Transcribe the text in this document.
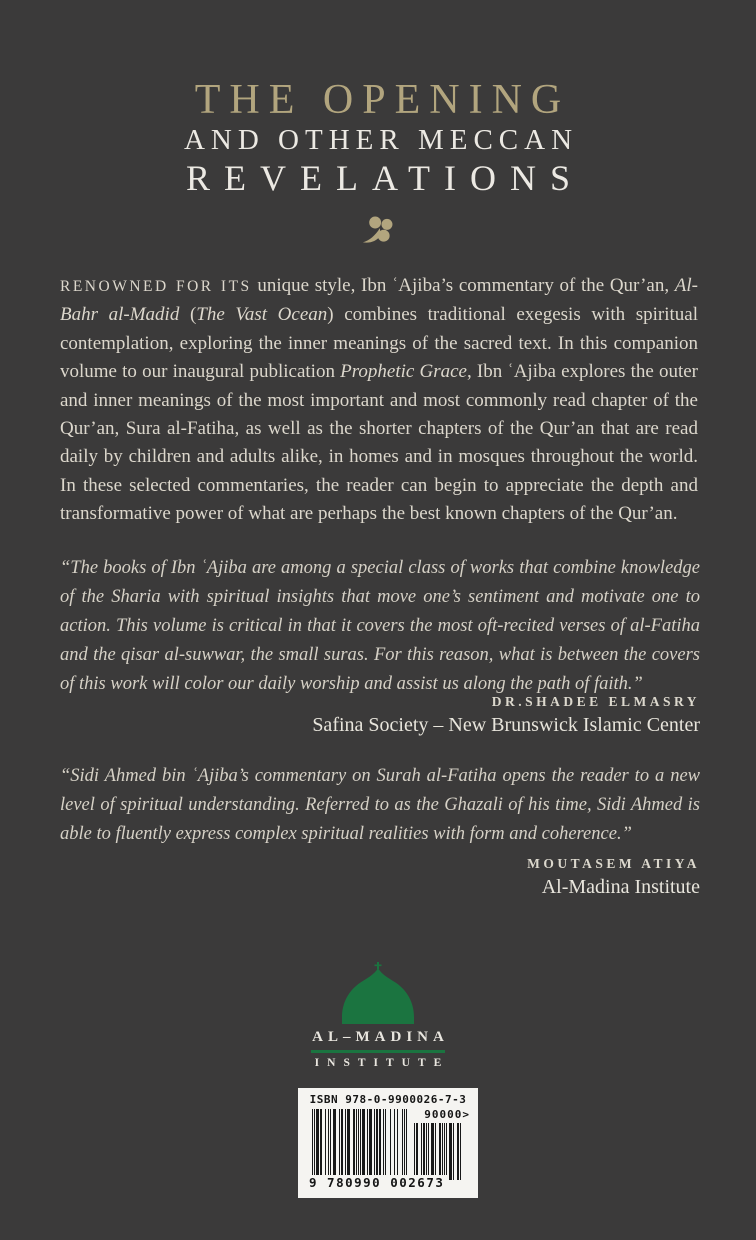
THE OPENING
AND OTHER MECCAN
REVELATIONS

RENOWNED FOR ITS unique style, Ibn ʿAjiba’s commentary of the Qur’an, Al-Bahr al-Madid (The Vast Ocean) combines traditional exegesis with spiritual contemplation, exploring the inner meanings of the sacred text. In this companion volume to our inaugural publication Prophetic Grace, Ibn ʿAjiba explores the outer and inner meanings of the most important and most commonly read chapter of the Qur’an, Sura al-Fatiha, as well as the shorter chapters of the Qur’an that are read daily by children and adults alike, in homes and in mosques throughout the world. In these selected commentaries, the reader can begin to appreciate the depth and transformative power of what are perhaps the best known chapters of the Qur’an.

“The books of Ibn ʿAjiba are among a special class of works that combine knowledge of the Sharia with spiritual insights that move one’s sentiment and motivate one to action. This volume is critical in that it covers the most oft-recited verses of al-Fatiha and the qisar al-suwwar, the small suras. For this reason, what is between the covers of this work will color our daily worship and assist us along the path of faith.”

DR.SHADEE ELMASRY
Safina Society – New Brunswick Islamic Center

“Sidi Ahmed bin ʿAjiba’s commentary on Surah al-Fatiha opens the reader to a new level of spiritual understanding. Referred to as the Ghazali of his time, Sidi Ahmed is able to fluently express complex spiritual realities with form and coherence.”

MOUTASEM ATIYA
Al-Madina Institute
AL–MADINA
INSTITUTE
ISBN 978-0-9900026-7-3
90000>
9 780990 002673
